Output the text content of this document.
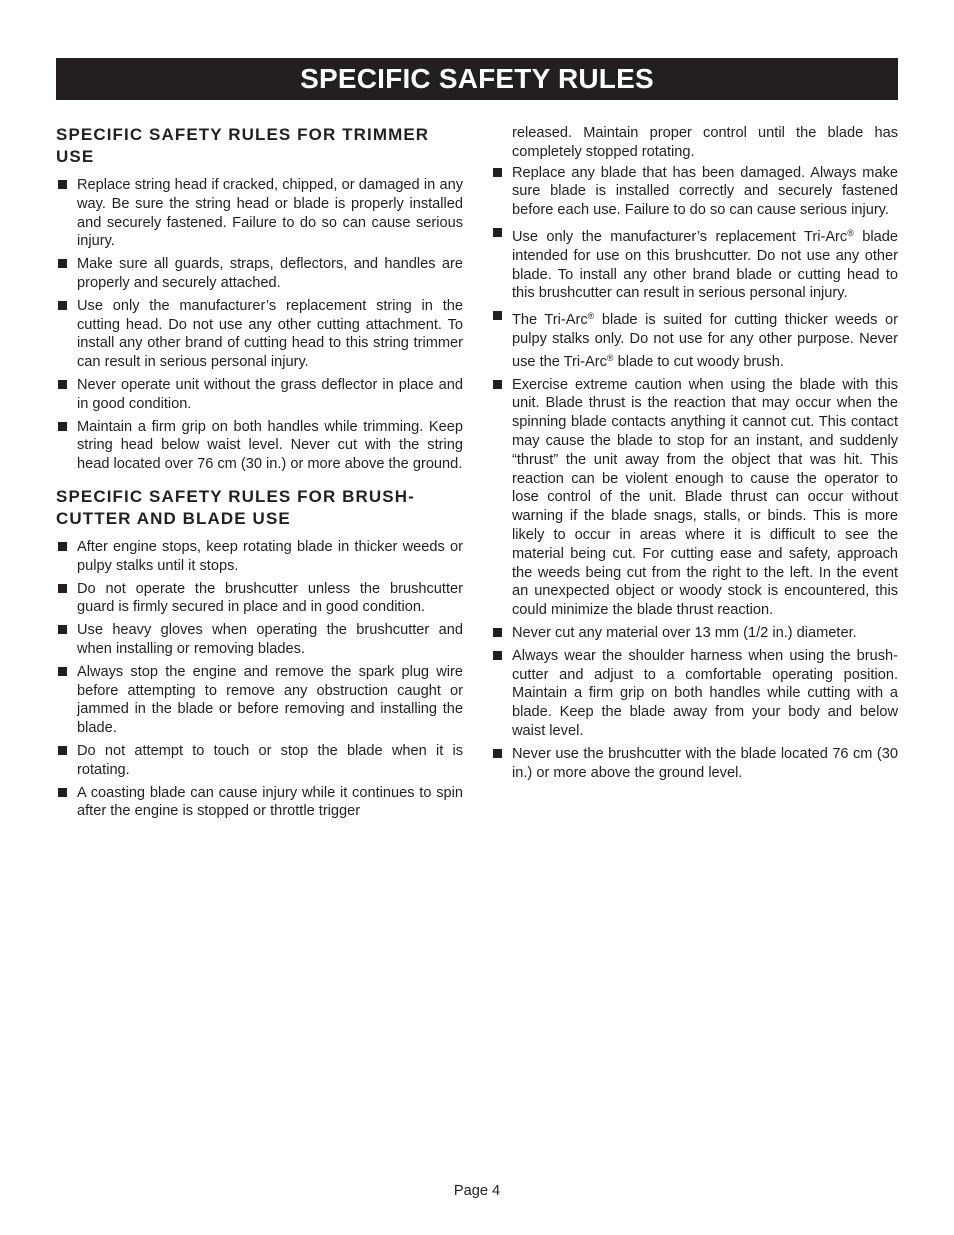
SPECIFIC SAFETY RULES
SPECIFIC SAFETY RULES FOR TRIMMER USE
Replace string head if cracked, chipped, or damaged in any way. Be sure the string head or blade is properly installed and securely fastened. Failure to do so can cause serious injury.
Make sure all guards, straps, deflectors, and handles are properly and securely attached.
Use only the manufacturer’s replacement string in the cutting head. Do not use any other cutting attachment. To install any other brand of cutting head to this string trimmer can result in serious personal injury.
Never operate unit without the grass deflector in place and in good condition.
Maintain a firm grip on both handles while trimming. Keep string head below waist level. Never cut with the string head located over 76 cm (30 in.) or more above the ground.
SPECIFIC SAFETY RULES FOR BRUSH-CUTTER AND BLADE USE
After engine stops, keep rotating blade in thicker weeds or pulpy stalks until it stops.
Do not operate the brushcutter unless the brushcutter guard is firmly secured in place and in good condition.
Use heavy gloves when operating the brushcutter and when installing or removing blades.
Always stop the engine and remove the spark plug wire before attempting to remove any obstruction caught or jammed in the blade or before removing and installing the blade.
Do not attempt to touch or stop the blade when it is rotating.
A coasting blade can cause injury while it continues to spin after the engine is stopped or throttle trigger

released. Maintain proper control until the blade has completely stopped rotating.

Replace any blade that has been damaged. Always make sure blade is installed correctly and securely fastened before each use. Failure to do so can cause serious injury.
Use only the manufacturer’s replacement Tri-Arc® blade intended for use on this brushcutter. Do not use any other blade. To install any other brand blade or cutting head to this brushcutter can result in serious personal injury.
The Tri-Arc® blade is suited for cutting thicker weeds or pulpy stalks only. Do not use for any other purpose. Never use the Tri-Arc® blade to cut woody brush.
Exercise extreme caution when using the blade with this unit. Blade thrust is the reaction that may occur when the spinning blade contacts anything it cannot cut. This contact may cause the blade to stop for an instant, and suddenly “thrust” the unit away from the object that was hit. This reaction can be violent enough to cause the operator to lose control of the unit. Blade thrust can occur without warning if the blade snags, stalls, or binds. This is more likely to occur in areas where it is difficult to see the material being cut. For cutting ease and safety, approach the weeds being cut from the right to the left. In the event an unexpected object or woody stock is encountered, this could minimize the blade thrust reaction.
Never cut any material over 13 mm (1/2 in.) diameter.
Always wear the shoulder harness when using the brush-cutter and adjust to a comfortable operating position. Maintain a firm grip on both handles while cutting with a blade. Keep the blade away from your body and below waist level.
Never use the brushcutter with the blade located 76 cm (30 in.) or more above the ground level.
Page 4
